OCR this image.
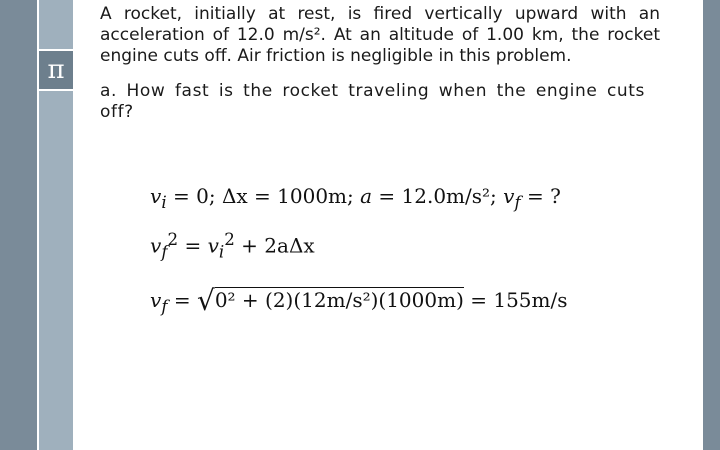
π

A rocket, initially at rest, is fired vertically upward with an acceleration of 12.0 m/s². At an altitude of 1.00 km, the rocket engine cuts off. Air friction is negligible in this problem.

a. How fast is the rocket traveling when the engine cuts off?

$v_i = 0$; Δx = 1000m; a = 12.0m/s²; $v_f$ = ?
$v_f^2 = v_i^2 + 2a\Delta x$
$v_f = √0^2 + (2)(12m/s^2)(1000m) = 155m/s$
